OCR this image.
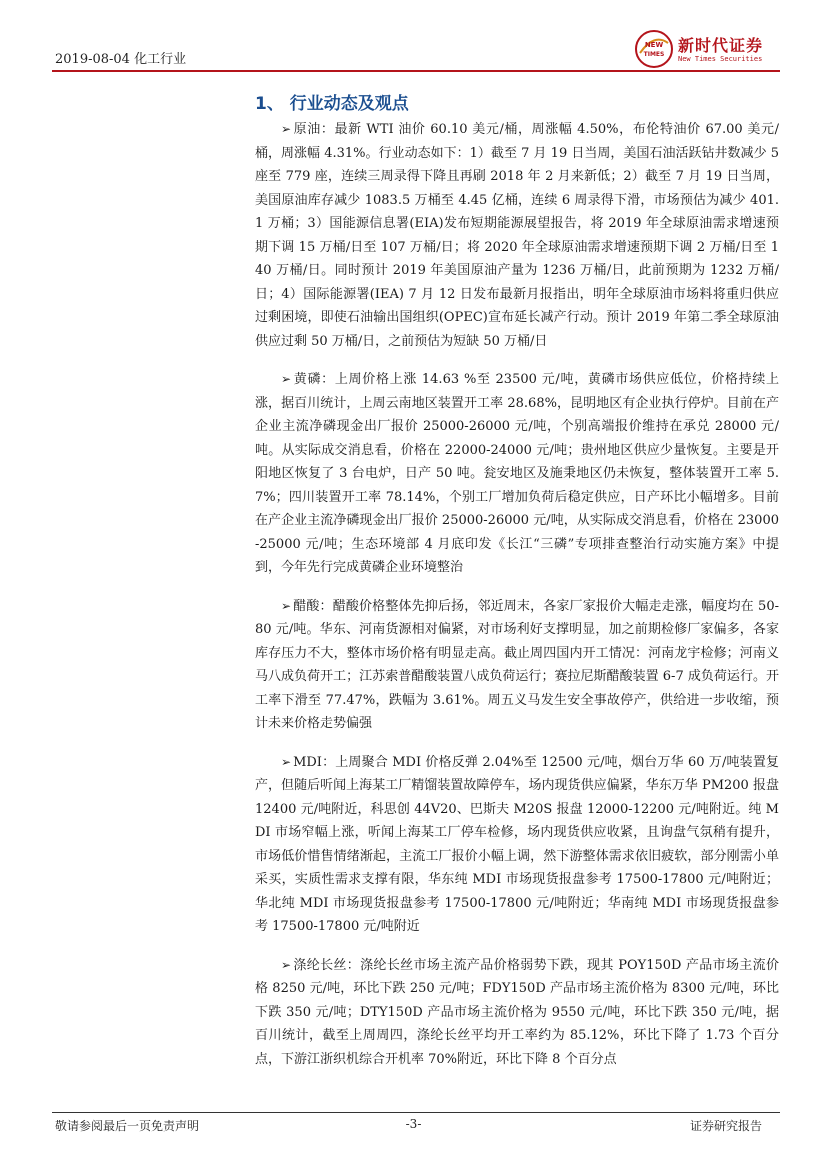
2019-08-04 化工行业
NEW
TIMES 新时代证券
New Times Securities
1、 行业动态及观点

➢ 原油：最新 WTI 油价 60.10 美元/桶，周涨幅 4.50%，布伦特油价 67.00 美元/桶，周涨幅 4.31%。行业动态如下：1）截至 7 月 19 日当周，美国石油活跃钻井数减少 5 座至 779 座，连续三周录得下降且再刷 2018 年 2 月来新低；2）截至 7 月 19 日当周，美国原油库存减少 1083.5 万桶至 4.45 亿桶，连续 6 周录得下滑，市场预估为减少 401.1 万桶；3）国能源信息署(EIA)发布短期能源展望报告，将 2019 年全球原油需求增速预期下调 15 万桶/日至 107 万桶/日；将 2020 年全球原油需求增速预期下调 2 万桶/日至 140 万桶/日。同时预计 2019 年美国原油产量为 1236 万桶/日，此前预期为 1232 万桶/日；4）国际能源署(IEA) 7 月 12 日发布最新月报指出，明年全球原油市场料将重归供应过剩困境，即使石油输出国组织(OPEC)宣布延长减产行动。预计 2019 年第二季全球原油供应过剩 50 万桶/日，之前预估为短缺 50 万桶/日

➢ 黄磷：上周价格上涨 14.63 %至 23500 元/吨，黄磷市场供应低位，价格持续上涨，据百川统计，上周云南地区装置开工率 28.68%，昆明地区有企业执行停炉。目前在产企业主流净磷现金出厂报价 25000-26000 元/吨，个别高端报价维持在承兑 28000 元/吨。从实际成交消息看，价格在 22000-24000 元/吨；贵州地区供应少量恢复。主要是开阳地区恢复了 3 台电炉，日产 50 吨。瓮安地区及施秉地区仍未恢复，整体装置开工率 5.7%；四川装置开工率 78.14%，个别工厂增加负荷后稳定供应，日产环比小幅增多。目前在产企业主流净磷现金出厂报价 25000-26000 元/吨，从实际成交消息看，价格在 23000-25000 元/吨；生态环境部 4 月底印发《长江“三磷”专项排查整治行动实施方案》中提到，今年先行完成黄磷企业环境整治

➢ 醋酸：醋酸价格整体先抑后扬，邻近周末，各家厂家报价大幅走走涨，幅度均在 50-80 元/吨。华东、河南货源相对偏紧，对市场利好支撑明显，加之前期检修厂家偏多，各家库存压力不大，整体市场价格有明显走高。截止周四国内开工情况：河南龙宇检修；河南义马八成负荷开工；江苏索普醋酸装置八成负荷运行；赛拉尼斯醋酸装置 6-7 成负荷运行。开工率下滑至 77.47%，跌幅为 3.61%。周五义马发生安全事故停产，供给进一步收缩，预计未来价格走势偏强

➢ MDI：上周聚合 MDI 价格反弹 2.04%至 12500 元/吨，烟台万华 60 万/吨装置复产，但随后听闻上海某工厂精馏装置故障停车，场内现货供应偏紧，华东万华 PM200 报盘 12400 元/吨附近，科思创 44V20、巴斯夫 M20S 报盘 12000-12200 元/吨附近。纯 MDI 市场窄幅上涨，听闻上海某工厂停车检修，场内现货供应收紧，且询盘气氛稍有提升，市场低价惜售情绪渐起，主流工厂报价小幅上调，然下游整体需求依旧疲软，部分刚需小单采买，实质性需求支撑有限，华东纯 MDI 市场现货报盘参考 17500-17800 元/吨附近；华北纯 MDI 市场现货报盘参考 17500-17800 元/吨附近；华南纯 MDI 市场现货报盘参考 17500-17800 元/吨附近

➢ 涤纶长丝：涤纶长丝市场主流产品价格弱势下跌，现其 POY150D 产品市场主流价格 8250 元/吨，环比下跌 250 元/吨；FDY150D 产品市场主流价格为 8300 元/吨，环比下跌 350 元/吨；DTY150D 产品市场主流价格为 9550 元/吨，环比下跌 350 元/吨，据百川统计，截至上周周四，涤纶长丝平均开工率约为 85.12%，环比下降了 1.73 个百分点，下游江浙织机综合开机率 70%附近，环比下降 8 个百分点

敬请参阅最后一页免责声明	-3-	证券研究报告
